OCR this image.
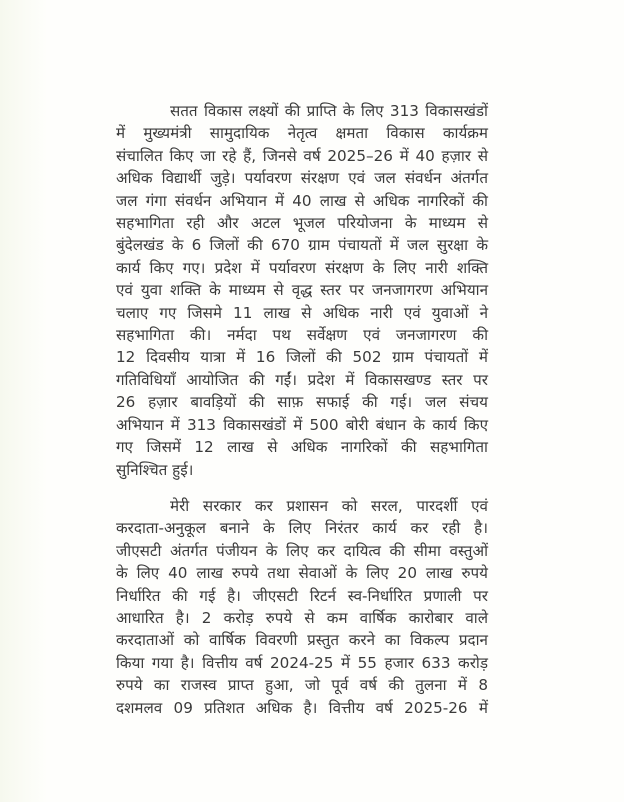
सतत विकास लक्ष्यों की प्राप्ति के लिए 313 विकासखंडों
में मुख्यमंत्री सामुदायिक नेतृत्व क्षमता विकास कार्यक्रम
संचालित किए जा रहे हैं, जिनसे वर्ष 2025–26 में 40 हज़ार से
अधिक विद्यार्थी जुड़े। पर्यावरण संरक्षण एवं जल संवर्धन अंतर्गत
जल गंगा संवर्धन अभियान में 40 लाख से अधिक नागरिकों की
सहभागिता रही और अटल भूजल परियोजना के माध्यम से
बुंदेलखंड के 6 जिलों की 670 ग्राम पंचायतों में जल सुरक्षा के
कार्य किए गए। प्रदेश में पर्यावरण संरक्षण के लिए नारी शक्ति
एवं युवा शक्ति के माध्यम से वृद्ध स्तर पर जनजागरण अभियान
चलाए गए जिसमे 11 लाख से अधिक नारी एवं युवाओं ने
सहभागिता की। नर्मदा पथ सर्वेक्षण एवं जनजागरण की
12 दिवसीय यात्रा में 16 जिलों की 502 ग्राम पंचायतों में
गतिविधियाँ आयोजित की गईं। प्रदेश में विकासखण्ड स्तर पर
26 हज़ार बावड़ियों की साफ़ सफाई की गई। जल संचय
अभियान में 313 विकासखंडों में 500 बोरी बंधान के कार्य किए
गए जिसमें 12 लाख से अधिक नागरिकों की सहभागिता
सुनिश्चित हुई।
मेरी सरकार कर प्रशासन को सरल, पारदर्शी एवं
करदाता-अनुकूल बनाने के लिए निरंतर कार्य कर रही है।
जीएसटी अंतर्गत पंजीयन के लिए कर दायित्व की सीमा वस्तुओं
के लिए 40 लाख रुपये तथा सेवाओं के लिए 20 लाख रुपये
निर्धारित की गई है। जीएसटी रिटर्न स्व-निर्धारित प्रणाली पर
आधारित है। 2 करोड़ रुपये से कम वार्षिक कारोबार वाले
करदाताओं को वार्षिक विवरणी प्रस्तुत करने का विकल्प प्रदान
किया गया है। वित्तीय वर्ष 2024-25 में 55 हजार 633 करोड़
रुपये का राजस्व प्राप्त हुआ, जो पूर्व वर्ष की तुलना में 8
दशमलव 09 प्रतिशत अधिक है। वित्तीय वर्ष 2025-26 में
